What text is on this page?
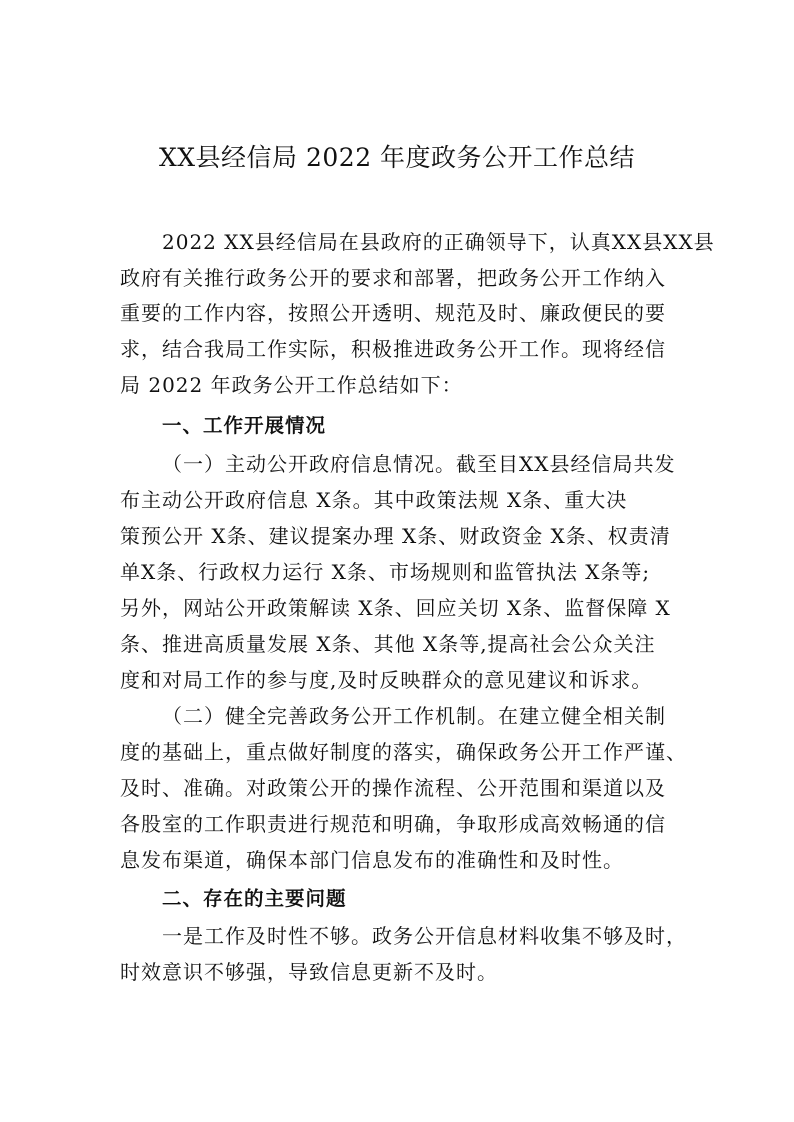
XX县经信局 2022 年度政务公开工作总结
2022 XX县经信局在县政府的正确领导下，认真XX县XX县
政府有关推行政务公开的要求和部署，把政务公开工作纳入
重要的工作内容，按照公开透明、规范及时、廉政便民的要
求，结合我局工作实际，积极推进政务公开工作。现将经信
局 2022 年政务公开工作总结如下：
一、工作开展情况
（一）主动公开政府信息情况。截至目XX县经信局共发
布主动公开政府信息 X条。其中政策法规 X条、重大决
策预公开 X条、建议提案办理 X条、财政资金 X条、权责清
单X条、行政权力运行 X条、市场规则和监管执法 X条等;
另外，网站公开政策解读 X条、回应关切 X条、监督保障 X
条、推进高质量发展 X条、其他 X条等,提高社会公众关注
度和对局工作的参与度,及时反映群众的意见建议和诉求。
（二）健全完善政务公开工作机制。在建立健全相关制
度的基础上，重点做好制度的落实，确保政务公开工作严谨、
及时、准确。对政策公开的操作流程、公开范围和渠道以及
各股室的工作职责进行规范和明确，争取形成高效畅通的信
息发布渠道，确保本部门信息发布的准确性和及时性。
二、存在的主要问题
一是工作及时性不够。政务公开信息材料收集不够及时，
时效意识不够强，导致信息更新不及时。
